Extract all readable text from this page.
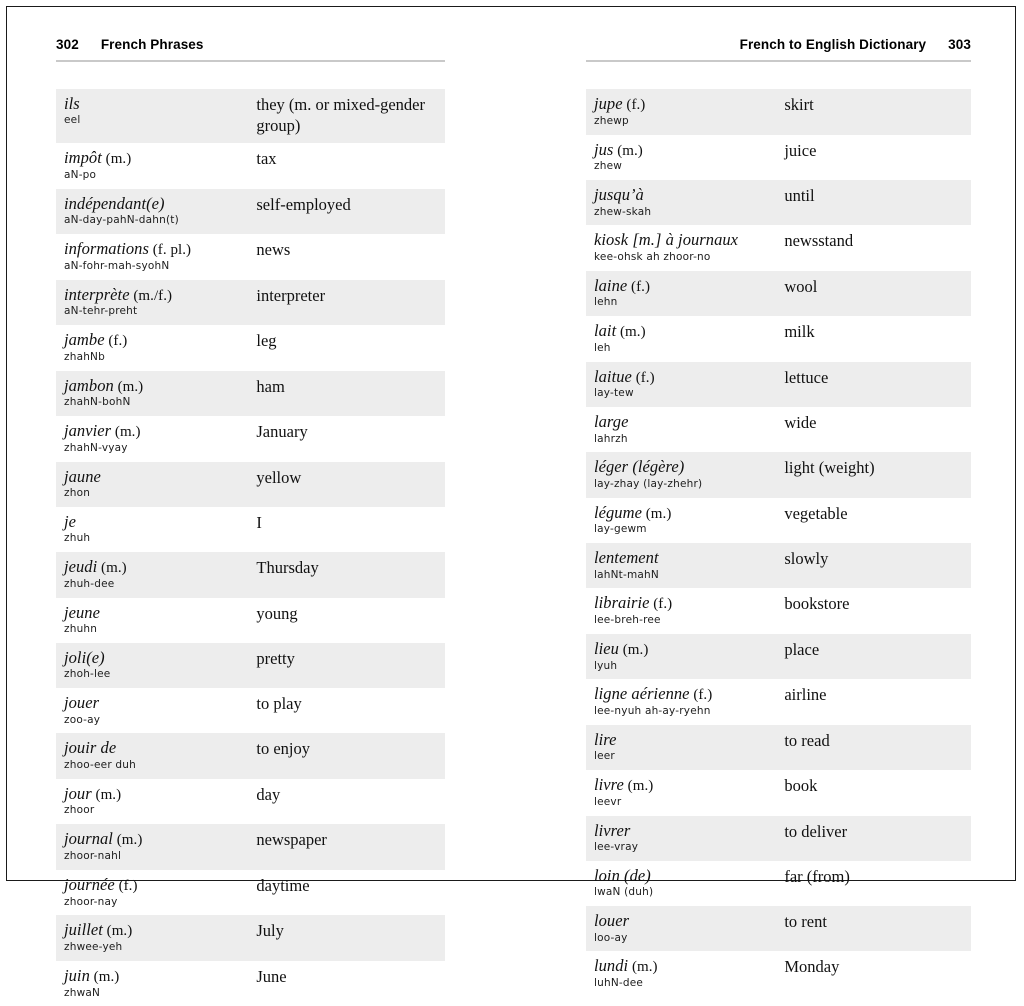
302 French Phrases
ils
eel	they (m. or mixed-gender group)

impôt (m.)
aN-po	tax

indépendant(e)
aN-day-pahN-dahn(t)	self-employed

informations (f. pl.)
aN-fohr-mah-syohN	news

interprète (m./f.)
aN-tehr-preht	interpreter

jambe (f.)
zhahNb	leg

jambon (m.)
zhahN-bohN	ham

janvier (m.)
zhahN-vyay	January

jaune
zhon	yellow

je
zhuh	I

jeudi (m.)
zhuh-dee	Thursday

jeune
zhuhn	young

joli(e)
zhoh-lee	pretty

jouer
zoo-ay	to play

jouir de
zhoo-eer duh	to enjoy

jour (m.)
zhoor	day

journal (m.)
zhoor-nahl	newspaper

journée (f.)
zhoor-nay	daytime

juillet (m.)
zhwee-yeh	July

juin (m.)
zhwaN	June
French to English Dictionary 303
jupe (f.)
zhewp	skirt

jus (m.)
zhew	juice

jusqu’à
zhew-skah	until

kiosk [m.] à journaux
kee-ohsk ah zhoor-no	newsstand

laine (f.)
lehn	wool

lait (m.)
leh	milk

laitue (f.)
lay-tew	lettuce

large
lahrzh	wide

léger (légère)
lay-zhay (lay-zhehr)	light (weight)

légume (m.)
lay-gewm	vegetable

lentement
lahNt-mahN	slowly

librairie (f.)
lee-breh-ree	bookstore

lieu (m.)
lyuh	place

ligne aérienne (f.)
lee-nyuh ah-ay-ryehn	airline

lire
leer	to read

livre (m.)
leevr	book

livrer
lee-vray	to deliver

loin (de)
lwaN (duh)	far (from)

louer
loo-ay	to rent

lundi (m.)
luhN-dee	Monday
